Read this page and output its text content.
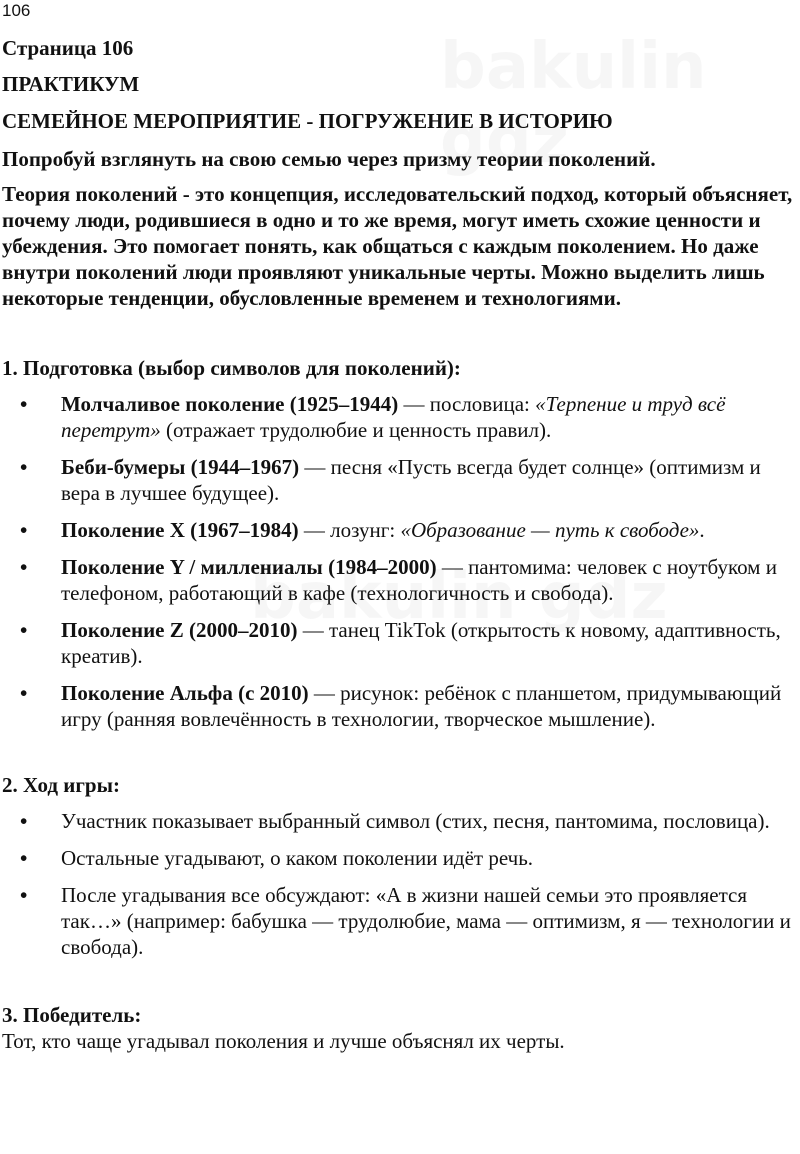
106
Страница 106
ПРАКТИКУМ
СЕМЕЙНОЕ МЕРОПРИЯТИЕ - ПОГРУЖЕНИЕ В ИСТОРИЮ

Попробуй взглянуть на свою семью через призму теории поколений.

Теория поколений - это концепция, исследовательский подход, который объясняет, почему люди, родившиеся в одно и то же время, могут иметь схожие ценности и убеждения. Это помогает понять, как общаться с каждым поколением. Но даже внутри поколений люди проявляют уникальные черты. Можно выделить лишь некоторые тенденции, обусловленные временем и технологиями.

1. Подготовка (выбор символов для поколений):
• Молчаливое поколение (1925–1944) — пословица: «Терпение и труд всё перетрут» (отражает трудолюбие и ценность правил).
• Беби-бумеры (1944–1967) — песня «Пусть всегда будет солнце» (оптимизм и вера в лучшее будущее).
• Поколение X (1967–1984) — лозунг: «Образование — путь к свободе».
• Поколение Y / миллениалы (1984–2000) — пантомима: человек с ноутбуком и телефоном, работающий в кафе (технологичность и свобода).
• Поколение Z (2000–2010) — танец TikTok (открытость к новому, адаптивность, креатив).
• Поколение Альфа (с 2010) — рисунок: ребёнок с планшетом, придумывающий игру (ранняя вовлечённость в технологии, творческое мышление).
2. Ход игры:
• Участник показывает выбранный символ (стих, песня, пантомима, пословица).
• Остальные угадывают, о каком поколении идёт речь.
• После угадывания все обсуждают: «А в жизни нашей семьи это проявляется так…» (например: бабушка — трудолюбие, мама — оптимизм, я — технологии и свобода).
3. Победитель:

Тот, кто чаще угадывал поколения и лучше объяснял их черты.
